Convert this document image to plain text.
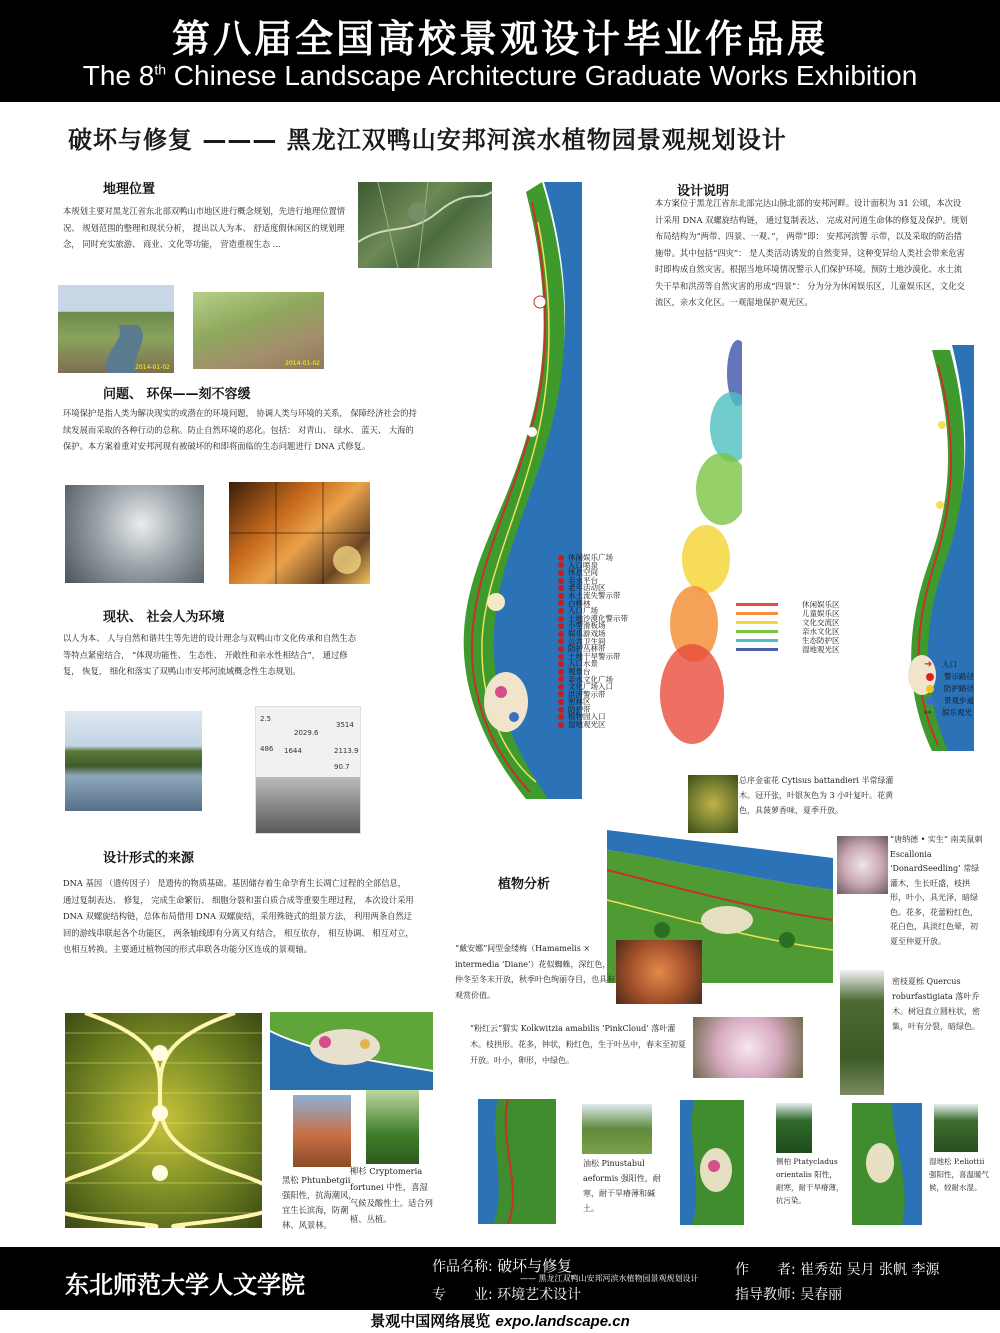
第八届全国高校景观设计毕业作品展
The 8th Chinese Landscape Architecture Graduate Works Exhibition
破坏与修复 ——— 黑龙江双鸭山安邦河滨水植物园景观规划设计
地理位置
本规划主要对黑龙江省东北部双鸭山市地区进行概念规划，先进行地理位置情况、 规划范围的整理和现状分析， 提出以人为本、 舒适度假休闲区的规划理念， 同时充实旅游、 商业、文化等功能， 营造重视生态 ...
2014-01-02
2014-01-02
问题、 环保——刻不容缓
环境保护是指人类为解决现实的或潜在的环境问题， 协调人类与环境的关系， 保障经济社会的持续发展而采取的各种行动的总称。防止自然环境的恶化。包括： 对青山、 绿水、 蓝天、 大海的保护。本方案着重对安邦河现有被破坏的和即将面临的生态问题进行 DNA 式修复。
现状、 社会人为环境
以人为本、 人与自然和谐共生等先进的设计理念与双鸭山市文化传承和自然生态等特点紧密结合， “体现功能性、 生态性、 开敞性和亲水性相结合”， 通过修复， 恢复， 细化和落实了双鸭山市安邦河流域概念性生态规划。
2.5
486 1644
3514
2029.6
2113.9
90.7
设计形式的来源
DNA 基因 （遗传因子） 是遗传的物质基础。基因储存着生命孕育生长凋亡过程的全部信息， 通过复制表达、 修复， 完成生命繁衍、 细胞分裂和蛋白质合成等重要生理过程， 本次设计采用 DNA 双螺旋结构链，总体布局借用 DNA 双螺旋结，采用殊链式的组景方法， 利用两条自然迂回的游线串联起各个功能区， 两条轴线即有分离又有结合， 相互依存， 相互协调、 相互对立， 也相互转换。主要通过植物园的形式串联各功能分区连成的景观轴。
黑松 Phtunbetgii 强阳性，抗海潮风，宜生长滨海，防潮林、风景林。
柳杉 Cryptomeria fortunei 中性，喜湿气候及酸性土。适合列植、丛植。
休闲娱乐广场
入口喷泉
休息空间
亲水平台
老年活动区
水土流失警示带
白桦林
入口广场
土地沙漠化警示带
小型滑板场
娱乐游戏场
公共卫生间
防护丛林带
土地干旱警示带
入口水景
观景台
亲水文化广场
文化广场入口
洪涝警示带
密林区
防护带
植物园入口
湿地观光区
设计说明
本方案位于黑龙江省东北部完达山脉北部的安邦河畔。设计面积为 31 公顷，本次设计采用 DNA 双螺旋结构链， 通过复制表达、 完成对河道生命体的修复及保护。规划布局结构为“两带、四景、一观、”， 两带”即： 安邦河滨警 示带，以及采取的防治措施带。其中包括“四灾”： 是人类活动诱发的自然变异，这种变异给人类社会带来危害时即构成自然灾害。根据当地环境情况警示人们保护环境。预防土地沙漠化、水土流失干旱和洪涝等自然灾害的形成“四景”： 分为分为休闲娱乐区，儿童娱乐区，文化交流区，亲水文化区。一观湿地保护观光区。
休闲娱乐区
儿童娱乐区
文化交流区
亲水文化区
生态防护区
湿地观光区
➜	入口
警示路径
防护路径
景观步道
↦	娱乐观光
植物分析
总序金雀花 Cytisus battandieri 半常绿灌木。冠开张，叶银灰色为 3 小叶复叶。花黄色，具菠萝香味，夏季开放。
“唐纳德 • 实生” 南美鼠刺 Escallonia ‘DonardSeedling’ 常绿灌木，生长旺盛，枝拱形，叶小，具光泽，暗绿色。花多，花蕾粉红色， 花白色，具淡红色晕，初夏至仲夏开放。
“戴安娜”间型金缕梅（Hamamelis × intermedia ‘Diane’）花似蜘蛛，深红色，仲冬至冬末开放，秋季叶色绚丽夺目，也具有观赏价值。
密枝夏栎 Quercus roburfastigiata 落叶乔木。树冠直立圆柱状，密集，叶有分裂，暗绿色。
“粉红云”猬实 Kolkwitzia amabilis ‘PinkCloud’ 落叶灌木。枝拱形。花多，钟状，粉红色，生于叶丛中，春末至初夏开放。叶小，卵形，中绿色。
油松 Pinustabul aeformis 强阳性，耐寒，耐干旱瘠薄和碱土。
侧柏 Ptatycladus orientalis 阳性，耐寒，耐干旱瘠薄，抗污染。
湿地松 P.eliottii 强阳性，喜温暖气候，较耐水湿。
东北师范大学人文学院
作品名称: 破坏与修复
—— 黑龙江双鸭山安邦河滨水植物园景观规划设计
专　　业: 环境艺术设计
作　　者: 崔秀茹 吴月 张帆 李源
指导教师: 吴春丽
景观中国网络展览 expo.landscape.cn
